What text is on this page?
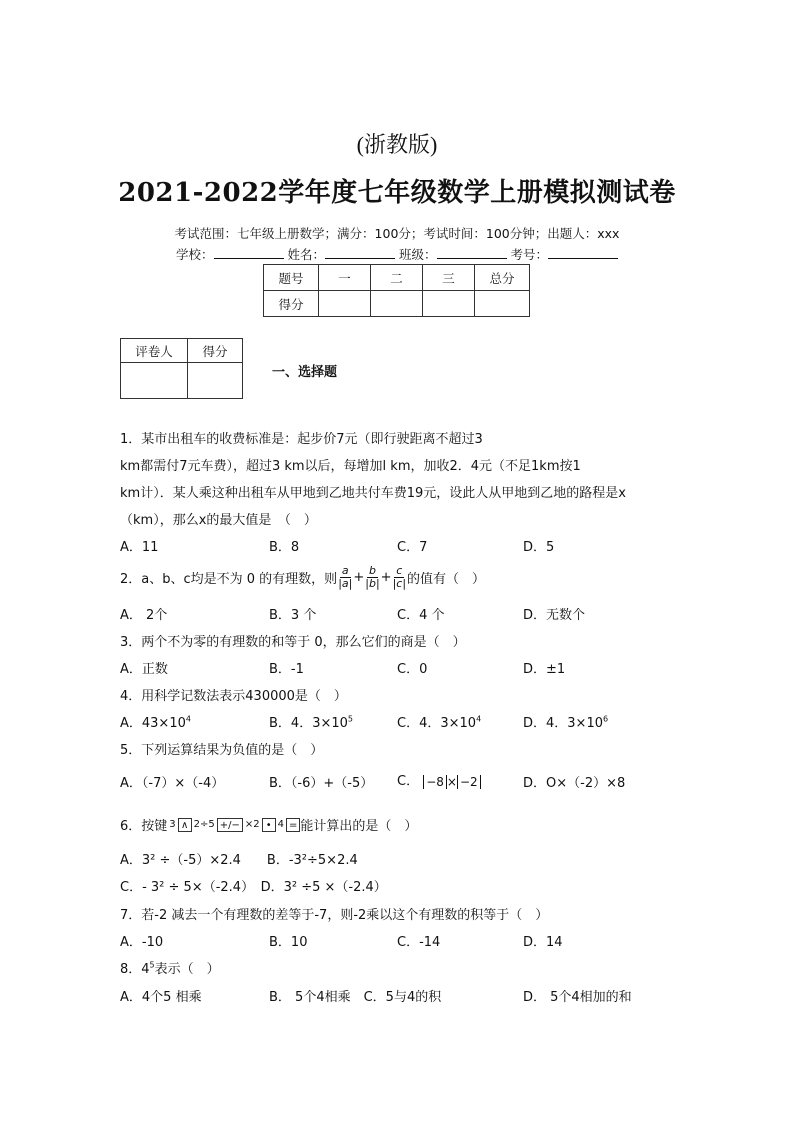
(浙教版)
2021-2022学年度七年级数学上册模拟测试卷
考试范围：七年级上册数学；满分：100分；考试时间：100分钟；出题人：xxx
学校：	姓名：	班级：	考号：
题号	一	二	三	总分
得分				
评卷人	得分

一、选择题
1．某市出租车的收费标准是：起步价7元（即行驶距离不超过3
km都需付7元车费），超过3 km以后，每增加l km，加收2．4元（不足1km按1
km计）．某人乘这种出租车从甲地到乙地共付车费19元，设此人从甲地到乙地的路程是x
（km），那么x的最大值是　（　）
A．11	B．8	C．7	D．5
2．a、b、c均是不为 0 的有理数，则 $\frac{a}{|a|} + \frac{b}{|b|} + \frac{c}{|c|}$ 的值有（　）
A． 2个	B．3 个	C．4 个	D．无数个
3．两个不为零的有理数的和等于 0，那么它们的商是（　）
A．正数	B．-1	C．0	D．±1
4．用科学记数法表示430000是（　）
A．$43\times 10^4$	B．4．$3\times 10^5$	C．4．$3\times 10^4$	D．4．$3\times 10^6$
5．下列运算结果为负值的是（　）
A．（-7）×（-4）	B．（-6）+（-5） C． −8 × −2	D．O×（-2）×8
6．按键 3 ∧ 2÷5 +/− ×2 • 4 = 能计算出的是（　）
A．3² ÷（-5）×2.4　　B．-3²÷5×2.4
C．- 3² ÷ 5×（-2.4）　D．3² ÷5 ×（-2.4）
7．若-2 减去一个有理数的差等于-7，则-2乘以这个有理数的积等于（　）
A．-10	B．10	C．-14	D．14
8．$4^5$表示（　）
A．4个5 相乘	B． 5个4相乘　C．5与4的积	D． 5个4相加的和
